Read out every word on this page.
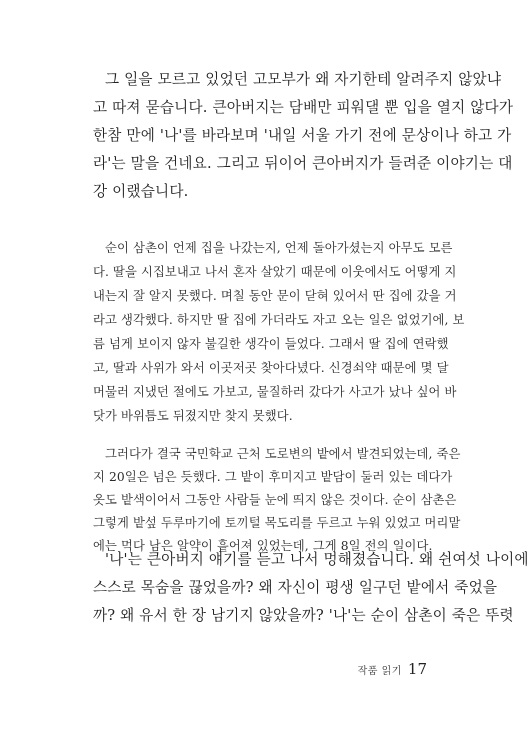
그 일을 모르고 있었던 고모부가 왜 자기한테 알려주지 않았냐
고 따져 묻습니다. 큰아버지는 담배만 피워댈 뿐 입을 열지 않다가
한참 만에 '나'를 바라보며 '내일 서울 가기 전에 문상이나 하고 가
라'는 말을 건네요. 그리고 뒤이어 큰아버지가 들려준 이야기는 대
강 이랬습니다.
순이 삼촌이 언제 집을 나갔는지, 언제 돌아가셨는지 아무도 모른
다. 딸을 시집보내고 나서 혼자 살았기 때문에 이웃에서도 어떻게 지
내는지 잘 알지 못했다. 며칠 동안 문이 닫혀 있어서 딴 집에 갔을 거
라고 생각했다. 하지만 딸 집에 가더라도 자고 오는 일은 없었기에, 보
름 넘게 보이지 않자 불길한 생각이 들었다. 그래서 딸 집에 연락했
고, 딸과 사위가 와서 이곳저곳 찾아다녔다. 신경쇠약 때문에 몇 달
머물러 지냈던 절에도 가보고, 물질하러 갔다가 사고가 났나 싶어 바
닷가 바위틈도 뒤졌지만 찾지 못했다.
그러다가 결국 국민학교 근처 도로변의 밭에서 발견되었는데, 죽은
지 20일은 넘은 듯했다. 그 밭이 후미지고 밭담이 둘러 있는 데다가
옷도 밭색이어서 그동안 사람들 눈에 띄지 않은 것이다. 순이 삼촌은
그렇게 밭섶 두루마기에 토끼털 목도리를 두르고 누워 있었고 머리맡
에는 먹다 남은 알약이 흩어져 있었는데, 그게 8일 전의 일이다.
'나'는 큰아버지 얘기를 듣고 나서 멍해졌습니다. 왜 쉰여섯 나이에
스스로 목숨을 끊었을까? 왜 자신이 평생 일구던 밭에서 죽었을
까? 왜 유서 한 장 남기지 않았을까? '나'는 순이 삼촌이 죽은 뚜렷
작품 읽기 17
